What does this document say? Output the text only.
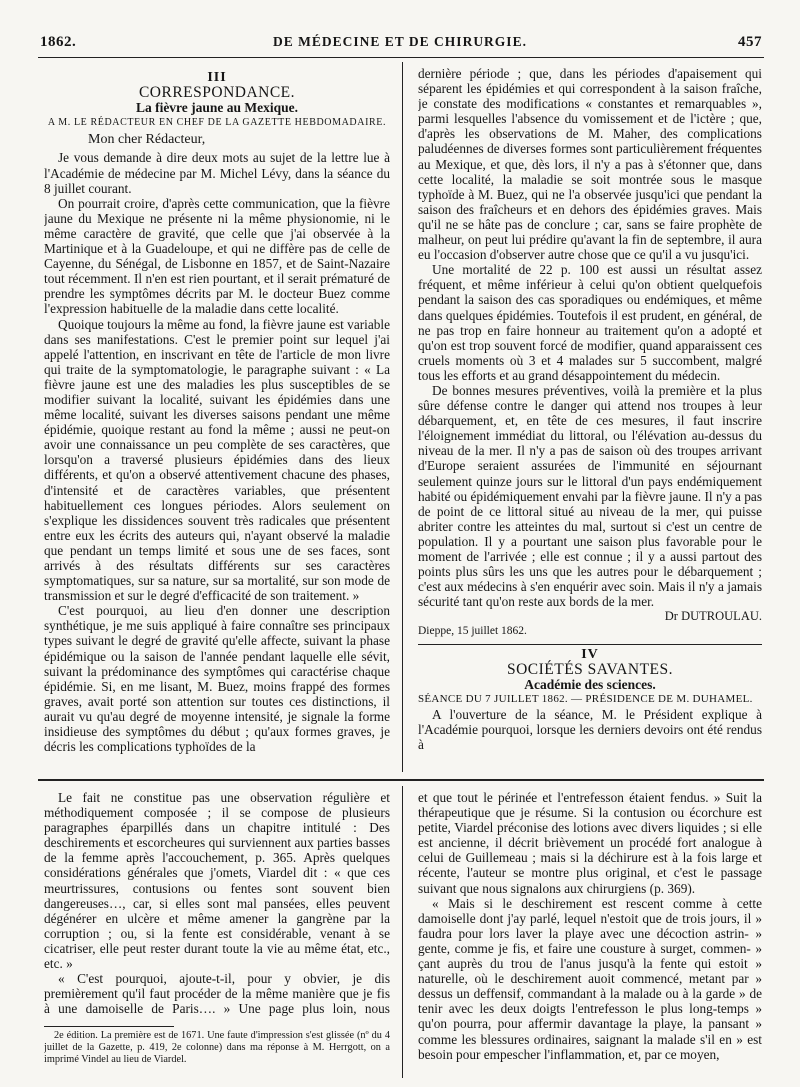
1862.	DE MÉDECINE ET DE CHIRURGIE.	457

III

CORRESPONDANCE.

La fièvre jaune au Mexique.

A M. LE RÉDACTEUR EN CHEF DE LA GAZETTE HEBDOMADAIRE.

Mon cher Rédacteur,

Je vous demande à dire deux mots au sujet de la lettre lue à l'Académie de médecine par M. Michel Lévy, dans la séance du 8 juillet courant.

On pourrait croire, d'après cette communication, que la fièvre jaune du Mexique ne présente ni la même physionomie, ni le même caractère de gravité, que celle que j'ai observée à la Martinique et à la Guadeloupe, et qui ne diffère pas de celle de Cayenne, du Sénégal, de Lisbonne en 1857, et de Saint-Nazaire tout récemment. Il n'en est rien pourtant, et il serait prématuré de prendre les symptômes décrits par M. le docteur Buez comme l'expression habituelle de la maladie dans cette localité.

Quoique toujours la même au fond, la fièvre jaune est variable dans ses manifestations. C'est le premier point sur lequel j'ai appelé l'attention, en inscrivant en tête de l'article de mon livre qui traite de la symptomatologie, le paragraphe suivant : « La fièvre jaune est une des maladies les plus susceptibles de se modifier suivant la localité, suivant les épidémies dans une même localité, suivant les diverses saisons pendant une même épidémie, quoique restant au fond la même ; aussi ne peut-on avoir une connaissance un peu complète de ses caractères, que lorsqu'on a traversé plusieurs épidémies dans des lieux différents, et qu'on a observé attentivement chacune des phases, d'intensité et de caractères variables, que présentent habituellement ces longues périodes. Alors seulement on s'explique les dissidences souvent très radicales que présentent entre eux les écrits des auteurs qui, n'ayant observé la maladie que pendant un temps limité et sous une de ses faces, sont arrivés à des résultats différents sur ses caractères symptomatiques, sur sa nature, sur sa mortalité, sur son mode de transmission et sur le degré d'efficacité de son traitement. »

C'est pourquoi, au lieu d'en donner une description synthétique, je me suis appliqué à faire connaître ses principaux types suivant le degré de gravité qu'elle affecte, suivant la phase épidémique ou la saison de l'année pendant laquelle elle sévit, suivant la prédominance des symptômes qui caractérise chaque épidémie. Si, en me lisant, M. Buez, moins frappé des formes graves, avait porté son attention sur toutes ces distinctions, il aurait vu qu'au degré de moyenne intensité, je signale la forme insidieuse des symptômes du début ; qu'aux formes graves, je décris les complications typhoïdes de la

dernière période ; que, dans les périodes d'apaisement qui séparent les épidémies et qui correspondent à la saison fraîche, je constate des modifications « constantes et remarquables », parmi lesquelles l'absence du vomissement et de l'ictère ; que, d'après les observations de M. Maher, des complications paludéennes de diverses formes sont particulièrement fréquentes au Mexique, et que, dès lors, il n'y a pas à s'étonner que, dans cette localité, la maladie se soit montrée sous le masque typhoïde à M. Buez, qui ne l'a observée jusqu'ici que pendant la saison des fraîcheurs et en dehors des épidémies graves. Mais qu'il ne se hâte pas de conclure ; car, sans se faire prophète de malheur, on peut lui prédire qu'avant la fin de septembre, il aura eu l'occasion d'observer autre chose que ce qu'il a vu jusqu'ici.

Une mortalité de 22 p. 100 est aussi un résultat assez fréquent, et même inférieur à celui qu'on obtient quelquefois pendant la saison des cas sporadiques ou endémiques, et même dans quelques épidémies. Toutefois il est prudent, en général, de ne pas trop en faire honneur au traitement qu'on a adopté et qu'on est trop souvent forcé de modifier, quand apparaissent ces cruels moments où 3 et 4 malades sur 5 succombent, malgré tous les efforts et au grand désappointement du médecin.

De bonnes mesures préventives, voilà la première et la plus sûre défense contre le danger qui attend nos troupes à leur débarquement, et, en tête de ces mesures, il faut inscrire l'éloignement immédiat du littoral, ou l'élévation au-dessus du niveau de la mer. Il n'y a pas de saison où des troupes arrivant d'Europe seraient assurées de l'immunité en séjournant seulement quinze jours sur le littoral d'un pays endémiquement habité ou épidémiquement envahi par la fièvre jaune. Il n'y a pas de point de ce littoral situé au niveau de la mer, qui puisse abriter contre les atteintes du mal, surtout si c'est un centre de population. Il y a pourtant une saison plus favorable pour le moment de l'arrivée ; elle est connue ; il y a aussi partout des points plus sûrs les uns que les autres pour le débarquement ; c'est aux médecins à s'en enquérir avec soin. Mais il n'y a jamais sécurité tant qu'on reste aux bords de la mer.

Dr DUTROULAU.

Dieppe, 15 juillet 1862.

IV

SOCIÉTÉS SAVANTES.

Académie des sciences.

SÉANCE DU 7 JUILLET 1862. — PRÉSIDENCE DE M. DUHAMEL.

A l'ouverture de la séance, M. le Président explique à l'Académie pourquoi, lorsque les derniers devoirs ont été rendus à

Le fait ne constitue pas une observation régulière et méthodiquement composée ; il se compose de plusieurs paragraphes éparpillés dans un chapitre intitulé : Des deschirements et escorcheures qui surviennent aux parties basses de la femme après l'accouchement, p. 365. Après quelques considérations générales que j'omets, Viardel dit : « que ces meurtrissures, contusions ou fentes sont souvent bien dangereuses…, car, si elles sont mal pansées, elles peuvent dégénérer en ulcère et même amener la gangrène par la corruption ; ou, si la fente est considérable, venant à se cicatriser, elle peut rester durant toute la vie au même état, etc., etc. »

« C'est pourquoi, ajoute-t-il, pour y obvier, je dis premièrement qu'il faut procéder de la même manière que je fis à une damoiselle de Paris…. » Une page plus loin, nous

2e édition. La première est de 1671. Une faute d'impression s'est glissée (nº du 4 juillet de la Gazette, p. 419, 2e colonne) dans ma réponse à M. Herrgott, on a imprimé Vindel au lieu de Viardel.

et que tout le périnée et l'entrefesson étaient fendus. » Suit la thérapeutique que je résume. Si la contusion ou écorchure est petite, Viardel préconise des lotions avec divers liquides ; si elle est ancienne, il décrit brièvement un procédé fort analogue à celui de Guillemeau ; mais si la déchirure est à la fois large et récente, l'auteur se montre plus original, et c'est le passage suivant que nous signalons aux chirurgiens (p. 369).

« Mais si le deschirement est rescent comme à cette damoiselle dont j'ay parlé, lequel n'estoit que de trois jours, il » faudra pour lors laver la playe avec une décoction astrin- » gente, comme je fis, et faire une cousture à surget, commen- » çant auprès du trou de l'anus jusqu'à la fente qui estoit » naturelle, où le deschirement auoit commencé, metant par » dessus un deffensif, commandant à la malade ou à la garde » de tenir avec les deux doigts l'entrefesson le plus long-temps » qu'on pourra, pour affermir davantage la playe, la pansant » comme les blessures ordinaires, saignant la malade s'il en » est besoin pour empescher l'inflammation, et, par ce moyen,
